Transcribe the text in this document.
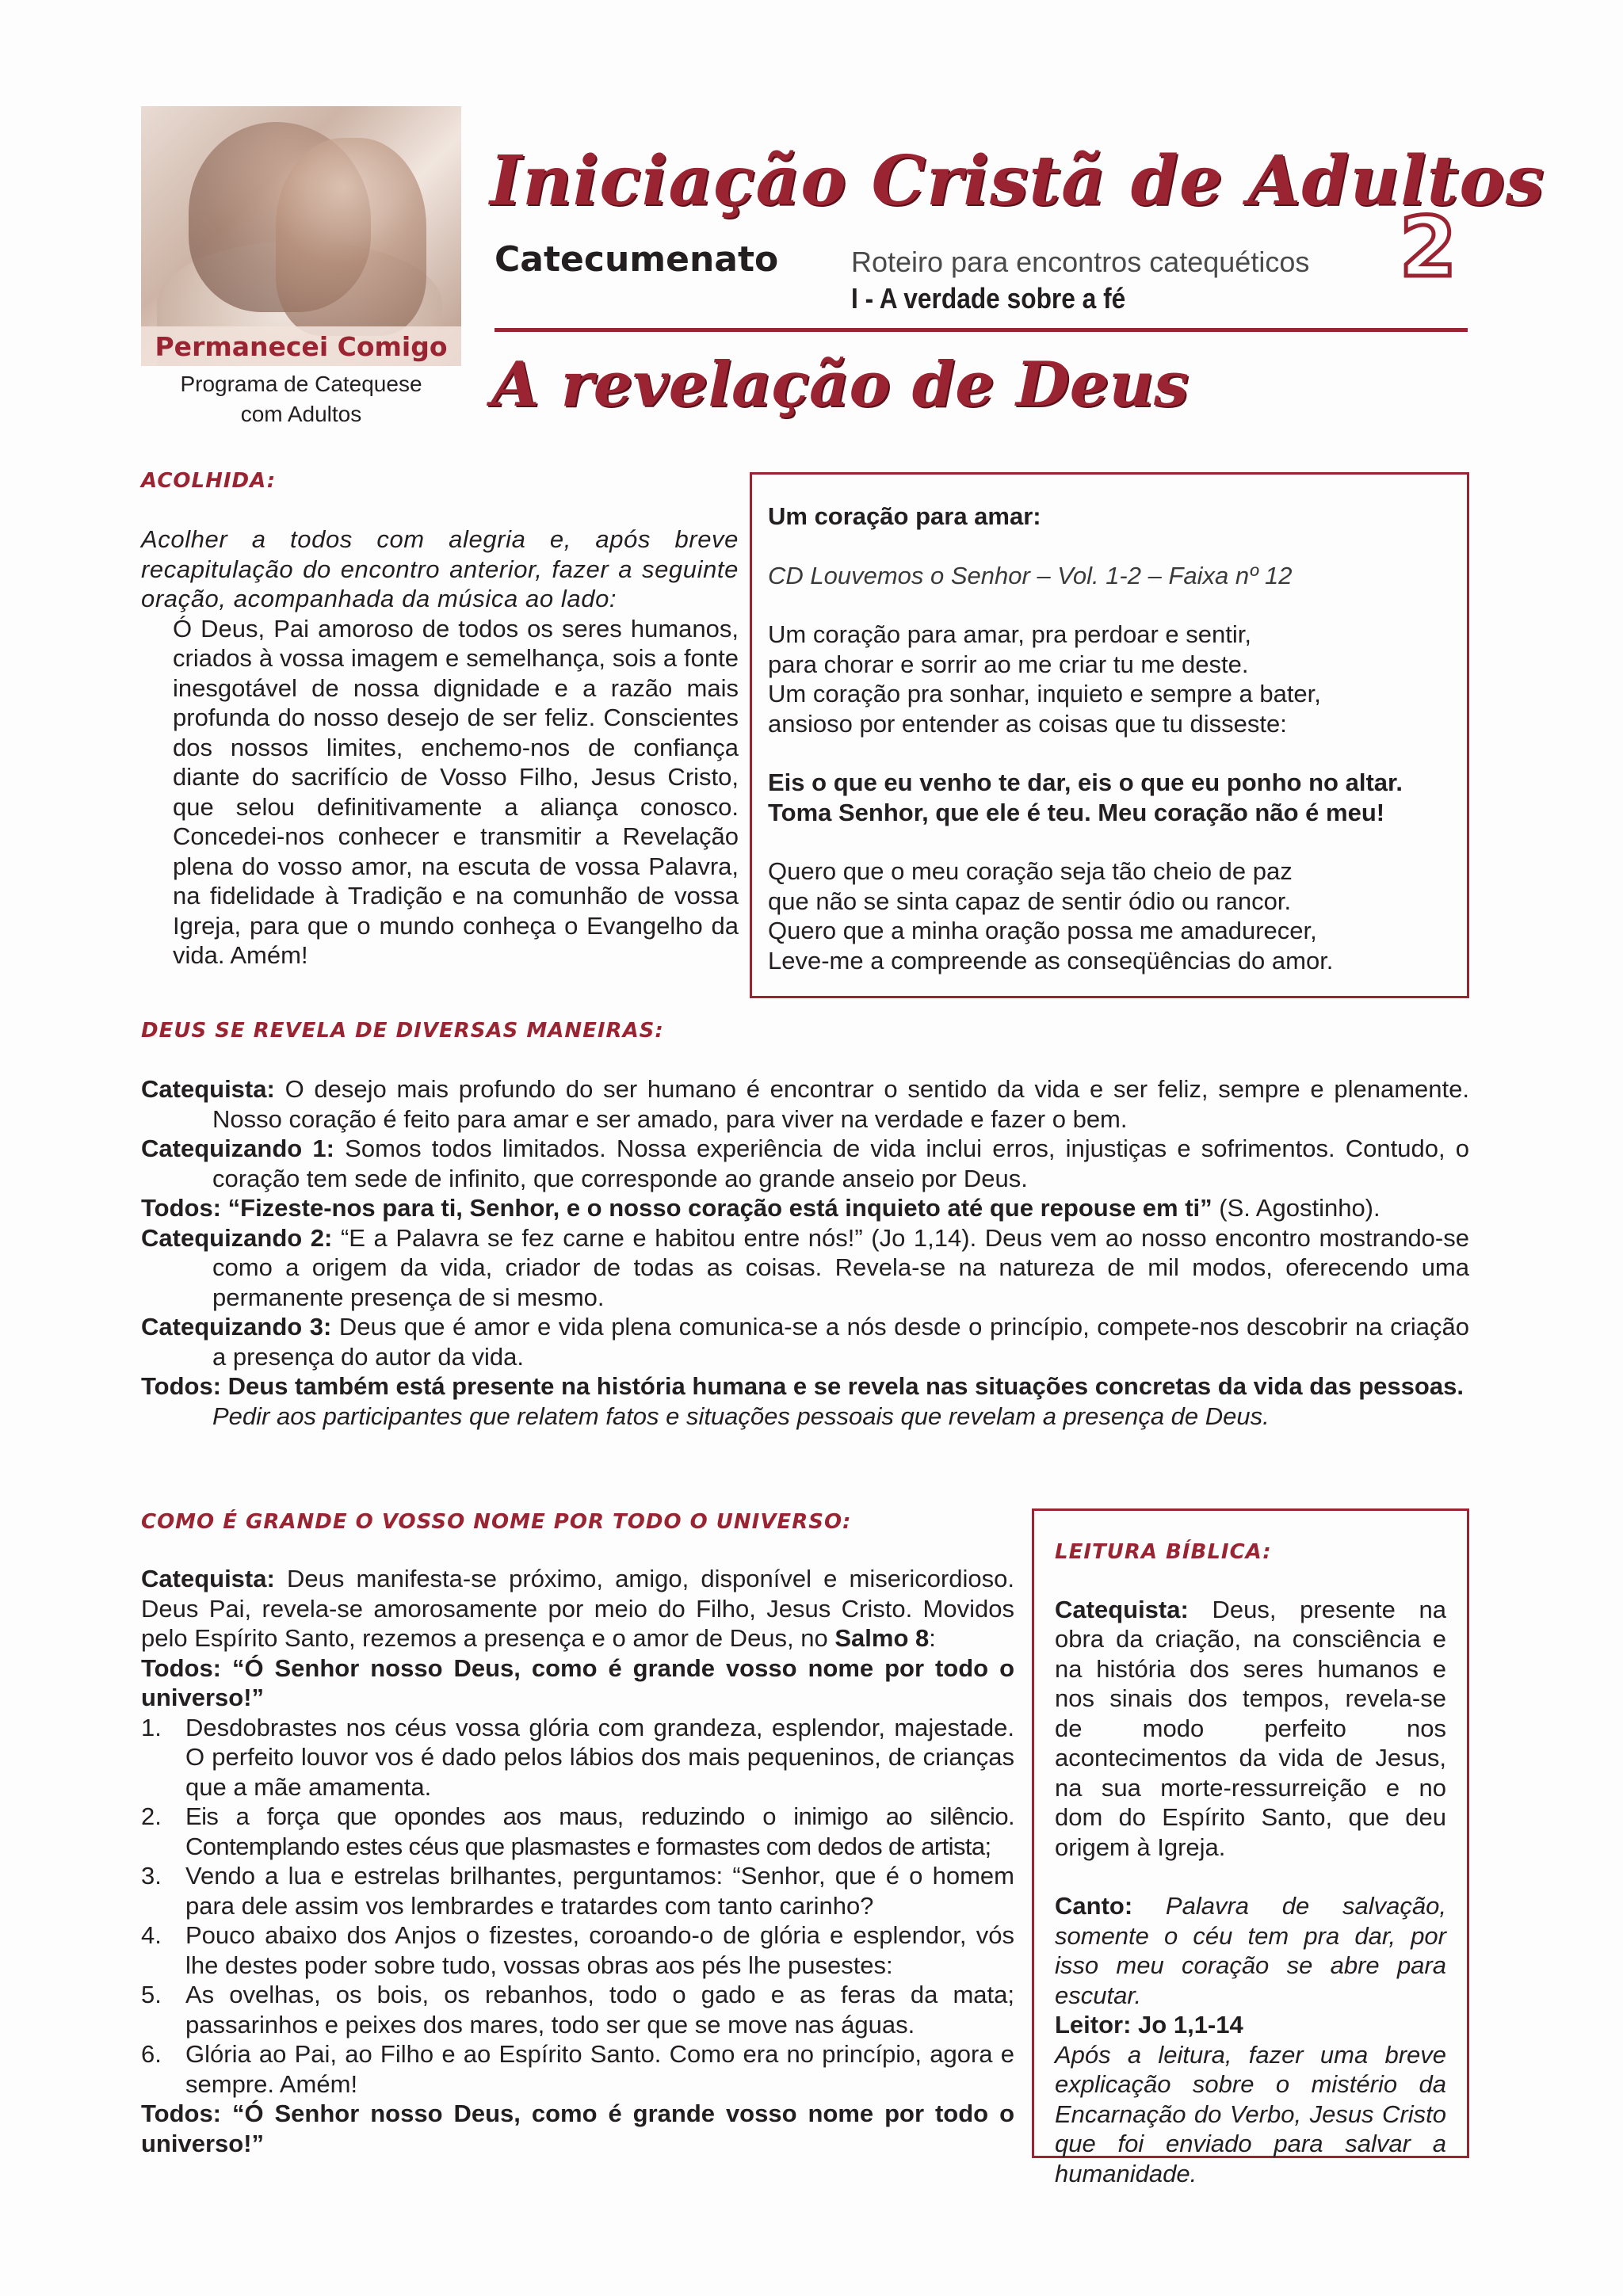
Permanecei Comigo
Programa de Catequese
com Adultos
Iniciação Cristã de Adultos
Catecumenato	Roteiro para encontros catequéticos
I - A verdade sobre a fé
2
A revelação de Deus
ACOLHIDA:

Acolher a todos com alegria e, após breve recapitulação do encontro anterior, fazer a seguinte oração, acompanhada da música ao lado:

Ó Deus, Pai amoroso de todos os seres humanos, criados à vossa imagem e semelhança, sois a fonte inesgotável de nossa dignidade e a razão mais profunda do nosso desejo de ser feliz. Conscientes dos nossos limites, enchemo-nos de confiança diante do sacrifício de Vosso Filho, Jesus Cristo, que selou definitivamente a aliança conosco. Concedei-nos conhecer e transmitir a Revelação plena do vosso amor, na escuta de vossa Palavra, na fidelidade à Tradição e na comunhão de vossa Igreja, para que o mundo conheça o Evangelho da vida. Amém!

Um coração para amar:

CD Louvemos o Senhor – Vol. 1-2 – Faixa nº 12

Um coração para amar, pra perdoar e sentir,

para chorar e sorrir ao me criar tu me deste.

Um coração pra sonhar, inquieto e sempre a bater,

ansioso por entender as coisas que tu disseste:

Eis o que eu venho te dar, eis o que eu ponho no altar.

Toma Senhor, que ele é teu. Meu coração não é meu!

Quero que o meu coração seja tão cheio de paz

que não se sinta capaz de sentir ódio ou rancor.

Quero que a minha oração possa me amadurecer,

Leve-me a compreende as conseqüências do amor.

DEUS SE REVELA DE DIVERSAS MANEIRAS:

Catequista: O desejo mais profundo do ser humano é encontrar o sentido da vida e ser feliz, sempre e plenamente. Nosso coração é feito para amar e ser amado, para viver na verdade e fazer o bem.

Catequizando 1: Somos todos limitados. Nossa experiência de vida inclui erros, injustiças e sofrimentos. Contudo, o coração tem sede de infinito, que corresponde ao grande anseio por Deus.

Todos: “Fizeste-nos para ti, Senhor, e o nosso coração está inquieto até que repouse em ti” (S. Agostinho).

Catequizando 2: “E a Palavra se fez carne e habitou entre nós!” (Jo 1,14). Deus vem ao nosso encontro mostrando-se como a origem da vida, criador de todas as coisas. Revela-se na natureza de mil modos, oferecendo uma permanente presença de si mesmo.

Catequizando 3: Deus que é amor e vida plena comunica-se a nós desde o princípio, compete-nos descobrir na criação a presença do autor da vida.

Todos: Deus também está presente na história humana e se revela nas situações concretas da vida das pessoas.

Pedir aos participantes que relatem fatos e situações pessoais que revelam a presença de Deus.

COMO É GRANDE O VOSSO NOME POR TODO O UNIVERSO:

Catequista: Deus manifesta-se próximo, amigo, disponível e misericordioso. Deus Pai, revela-se amorosamente por meio do Filho, Jesus Cristo. Movidos pelo Espírito Santo, rezemos a presença e o amor de Deus, no Salmo 8:

Todos: “Ó Senhor nosso Deus, como é grande vosso nome por todo o universo!”

1. Desdobrastes nos céus vossa glória com grandeza, esplendor, majestade. O perfeito louvor vos é dado pelos lábios dos mais pequeninos, de crianças que a mãe amamenta.
2. Eis a força que opondes aos maus, reduzindo o inimigo ao silêncio. Contemplando estes céus que plasmastes e formastes com dedos de artista;
3. Vendo a lua e estrelas brilhantes, perguntamos: “Senhor, que é o homem para dele assim vos lembrardes e tratardes com tanto carinho?
4. Pouco abaixo dos Anjos o fizestes, coroando-o de glória e esplendor, vós lhe destes poder sobre tudo, vossas obras aos pés lhe pusestes:
5. As ovelhas, os bois, os rebanhos, todo o gado e as feras da mata; passarinhos e peixes dos mares, todo ser que se move nas águas.
6. Glória ao Pai, ao Filho e ao Espírito Santo. Como era no princípio, agora e sempre. Amém!

Todos: “Ó Senhor nosso Deus, como é grande vosso nome por todo o universo!”

LEITURA BÍBLICA:

Catequista: Deus, presente na obra da criação, na consciência e na história dos seres humanos e nos sinais dos tempos, revela-se de modo perfeito nos acontecimentos da vida de Jesus, na sua morte-ressurreição e no dom do Espírito Santo, que deu origem à Igreja.

Canto: Palavra de salvação, somente o céu tem pra dar, por isso meu coração se abre para escutar.

Leitor: Jo 1,1-14

Após a leitura, fazer uma breve explicação sobre o mistério da Encarnação do Verbo, Jesus Cristo que foi enviado para salvar a humanidade.
